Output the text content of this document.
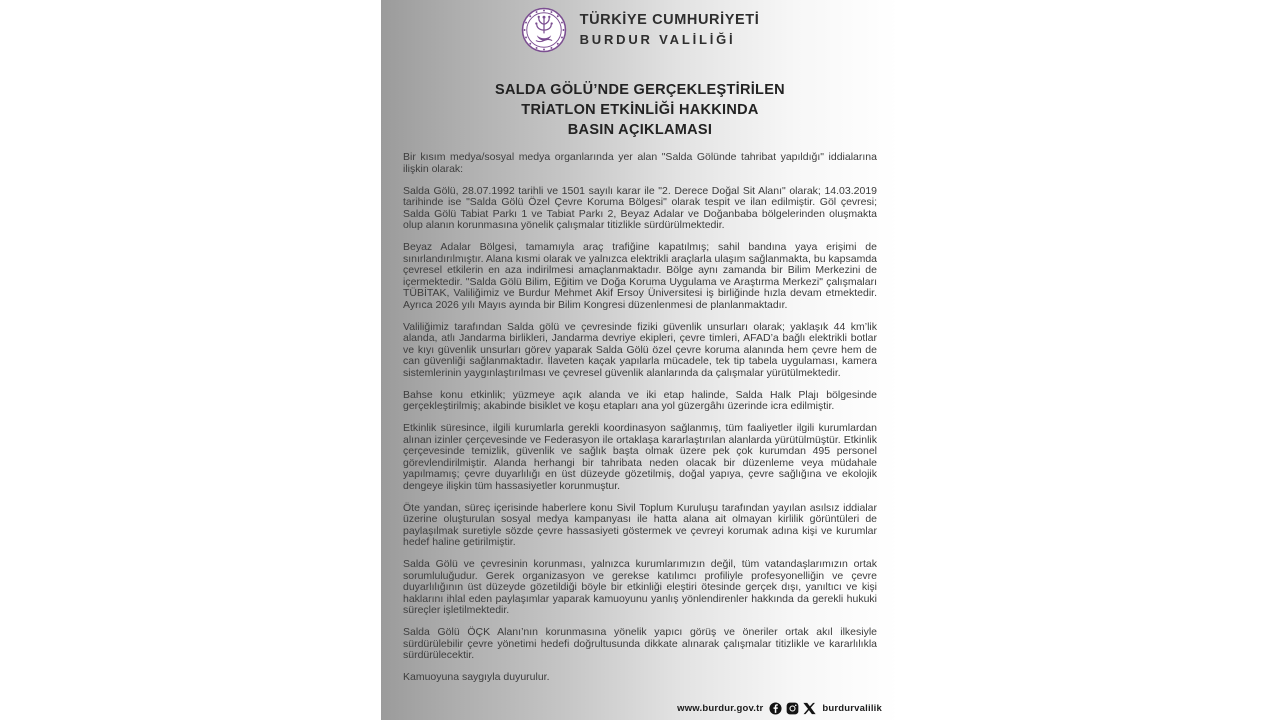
TÜRKİYE CUMHURİYETİ
BURDUR VALİLİĞİ
SALDA GÖLÜ’NDE GERÇEKLEŞTİRİLEN
TRİATLON ETKİNLİĞİ HAKKINDA
BASIN AÇIKLAMASI

Bir kısım medya/sosyal medya organlarında yer alan "Salda Gölünde tahribat yapıldığı" iddialarına ilişkin olarak:

Salda Gölü, 28.07.1992 tarihli ve 1501 sayılı karar ile "2. Derece Doğal Sit Alanı" olarak; 14.03.2019 tarihinde ise "Salda Gölü Özel Çevre Koruma Bölgesi" olarak tespit ve ilan edilmiştir. Göl çevresi; Salda Gölü Tabiat Parkı 1 ve Tabiat Parkı 2, Beyaz Adalar ve Doğanbaba bölgelerinden oluşmakta olup alanın korunmasına yönelik çalışmalar titizlikle sürdürülmektedir.

Beyaz Adalar Bölgesi, tamamıyla araç trafiğine kapatılmış; sahil bandına yaya erişimi de sınırlandırılmıştır. Alana kısmi olarak ve yalnızca elektrikli araçlarla ulaşım sağlanmakta, bu kapsamda çevresel etkilerin en aza indirilmesi amaçlanmaktadır. Bölge aynı zamanda bir Bilim Merkezini de içermektedir. "Salda Gölü Bilim, Eğitim ve Doğa Koruma Uygulama ve Araştırma Merkezi" çalışmaları TÜBİTAK, Valiliğimiz ve Burdur Mehmet Akif Ersoy Üniversitesi iş birliğinde hızla devam etmektedir. Ayrıca 2026 yılı Mayıs ayında bir Bilim Kongresi düzenlenmesi de planlanmaktadır.

Valiliğimiz tarafından Salda gölü ve çevresinde fiziki güvenlik unsurları olarak; yaklaşık 44 km’lik alanda, atlı Jandarma birlikleri, Jandarma devriye ekipleri, çevre timleri, AFAD’a bağlı elektrikli botlar ve kıyı güvenlik unsurları görev yaparak Salda Gölü özel çevre koruma alanında hem çevre hem de can güvenliği sağlanmaktadır. İlaveten kaçak yapılarla mücadele, tek tip tabela uygulaması, kamera sistemlerinin yaygınlaştırılması ve çevresel güvenlik alanlarında da çalışmalar yürütülmektedir.

Bahse konu etkinlik; yüzmeye açık alanda ve iki etap halinde, Salda Halk Plajı bölgesinde gerçekleştirilmiş; akabinde bisiklet ve koşu etapları ana yol güzergâhı üzerinde icra edilmiştir.

Etkinlik süresince, ilgili kurumlarla gerekli koordinasyon sağlanmış, tüm faaliyetler ilgili kurumlardan alınan izinler çerçevesinde ve Federasyon ile ortaklaşa kararlaştırılan alanlarda yürütülmüştür. Etkinlik çerçevesinde temizlik, güvenlik ve sağlık başta olmak üzere pek çok kurumdan 495 personel görevlendirilmiştir. Alanda herhangi bir tahribata neden olacak bir düzenleme veya müdahale yapılmamış; çevre duyarlılığı en üst düzeyde gözetilmiş, doğal yapıya, çevre sağlığına ve ekolojik dengeye ilişkin tüm hassasiyetler korunmuştur.

Öte yandan, süreç içerisinde haberlere konu Sivil Toplum Kuruluşu tarafından yayılan asılsız iddialar üzerine oluşturulan sosyal medya kampanyası ile hatta alana ait olmayan kirlilik görüntüleri de paylaşılmak suretiyle sözde çevre hassasiyeti göstermek ve çevreyi korumak adına kişi ve kurumlar hedef haline getirilmiştir.

Salda Gölü ve çevresinin korunması, yalnızca kurumlarımızın değil, tüm vatandaşlarımızın ortak sorumluluğudur. Gerek organizasyon ve gerekse katılımcı profiliyle profesyonelliğin ve çevre duyarlılığının üst düzeyde gözetildiği böyle bir etkinliği eleştiri ötesinde gerçek dışı, yanıltıcı ve kişi haklarını ihlal eden paylaşımlar yaparak kamuoyunu yanlış yönlendirenler hakkında da gerekli hukuki süreçler işletilmektedir.

Salda Gölü ÖÇK Alanı’nın korunmasına yönelik yapıcı görüş ve öneriler ortak akıl ilkesiyle sürdürülebilir çevre yönetimi hedefi doğrultusunda dikkate alınarak çalışmalar titizlikle ve kararlılıkla sürdürülecektir.

Kamuoyuna saygıyla duyurulur.

www.burdur.gov.tr	burdurvalilik
